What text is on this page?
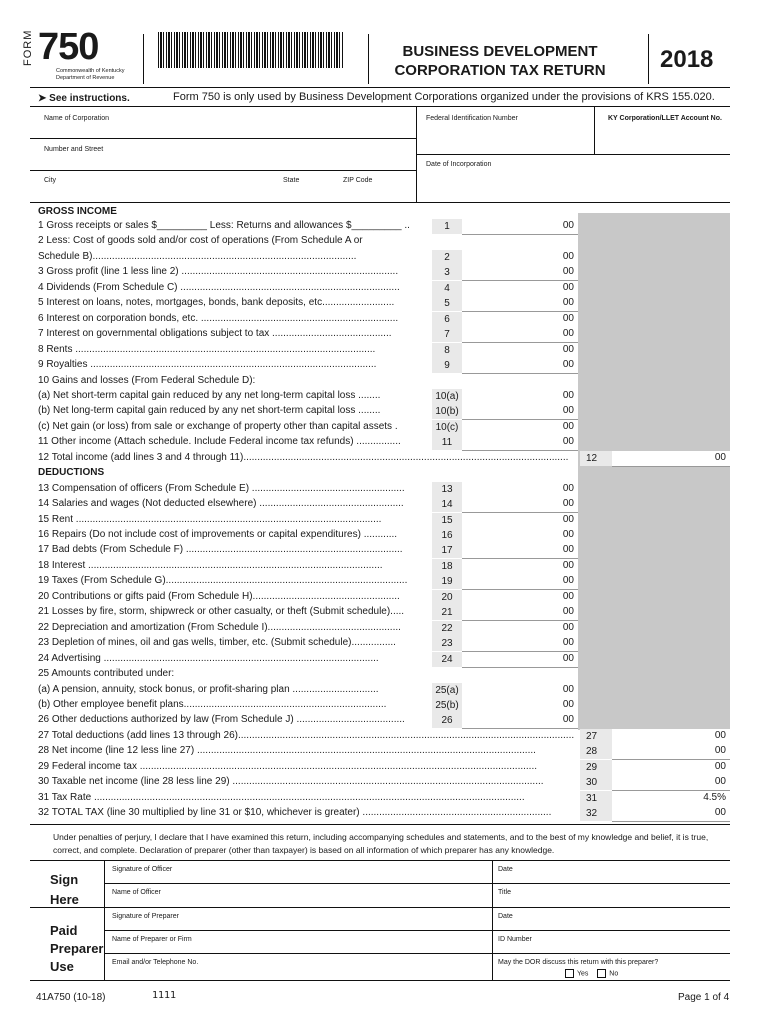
FORM 750
Commonwealth of Kentucky
Department of Revenue
BUSINESS DEVELOPMENT
CORPORATION TAX RETURN	2018
➤ See instructions.	Form 750 is only used by Business Development Corporations organized under the provisions of KRS 155.020.
Name of Corporation	Federal Identification Number	KY Corporation/LLET Account No.
Number and Street
Date of Incorporation
City	State	ZIP Code
GROSS INCOME
1 Gross receipts or sales $_________ Less: Returns and allowances $_________ ..	1	00
2 Less: Cost of goods sold and/or cost of operations (From Schedule A or
Schedule B)...............................................................................................	2	00
3 Gross profit (line 1 less line 2) ..............................................................................	3	00
4 Dividends (From Schedule C) ...............................................................................	4	00
5 Interest on loans, notes, mortgages, bonds, bank deposits, etc..........................	5	00
6 Interest on corporation bonds, etc. .......................................................................	6	00
7 Interest on governmental obligations subject to tax ...........................................	7	00
8 Rents ............................................................................................................	8	00
9 Royalties .......................................................................................................	9	00
10 Gains and losses (From Federal Schedule D):
(a) Net short-term capital gain reduced by any net long-term capital loss ........	10(a)	00
(b) Net long-term capital gain reduced by any net short-term capital loss ........	10(b)	00
(c) Net gain (or loss) from sale or exchange of property other than capital assets .	10(c)	00
11 Other income (Attach schedule. Include Federal income tax refunds) ................	11	00
12 Total income (add lines 3 and 4 through 11).....................................................................................................................	12	00
DEDUCTIONS
13 Compensation of officers (From Schedule E) .......................................................	13	00
14 Salaries and wages (Not deducted elsewhere) ....................................................	14	00
15 Rent ..............................................................................................................	15	00
16 Repairs (Do not include cost of improvements or capital expenditures) ............	16	00
17 Bad debts (From Schedule F) ..............................................................................	17	00
18 Interest ..........................................................................................................	18	00
19 Taxes (From Schedule G).......................................................................................	19	00
20 Contributions or gifts paid (From Schedule H).....................................................	20	00
21 Losses by fire, storm, shipwreck or other casualty, or theft (Submit schedule).....	21	00
22 Depreciation and amortization (From Schedule I)................................................	22	00
23 Depletion of mines, oil and gas wells, timber, etc. (Submit schedule)................	23	00
24 Advertising ...................................................................................................	24	00
25 Amounts contributed under:
(a) A pension, annuity, stock bonus, or profit-sharing plan ...............................	25(a)	00
(b) Other employee benefit plans.........................................................................	25(b)	00
26 Other deductions authorized by law (From Schedule J) .......................................	26	00
27 Total deductions (add lines 13 through 26).........................................................................................................................	27	00
28 Net income (line 12 less line 27) ..........................................................................................................................	28	00
29 Federal income tax ...............................................................................................................................................	29	00
30 Taxable net income (line 28 less line 29) ................................................................................................................	30	00
31 Tax Rate ...........................................................................................................................................................	31	4.5%
32 TOTAL TAX (line 30 multiplied by line 31 or $10, whichever is greater) ....................................................................	32	00
Under penalties of perjury, I declare that I have examined this return, including accompanying schedules and statements, and to the best of my knowledge and belief, it is true, correct, and complete. Declaration of preparer (other than taxpayer) is based on all information of which preparer has any knowledge.
Sign
Here
Signature of Officer	Date
Name of Officer	Title
Paid
Preparer
Use
Signature of Preparer	Date
Name of Preparer or Firm	ID Number
Email and/or Telephone No.	May the DOR discuss this return with this preparer?
Yes	No
41A750 (10-18)	1111	Page 1 of 4
